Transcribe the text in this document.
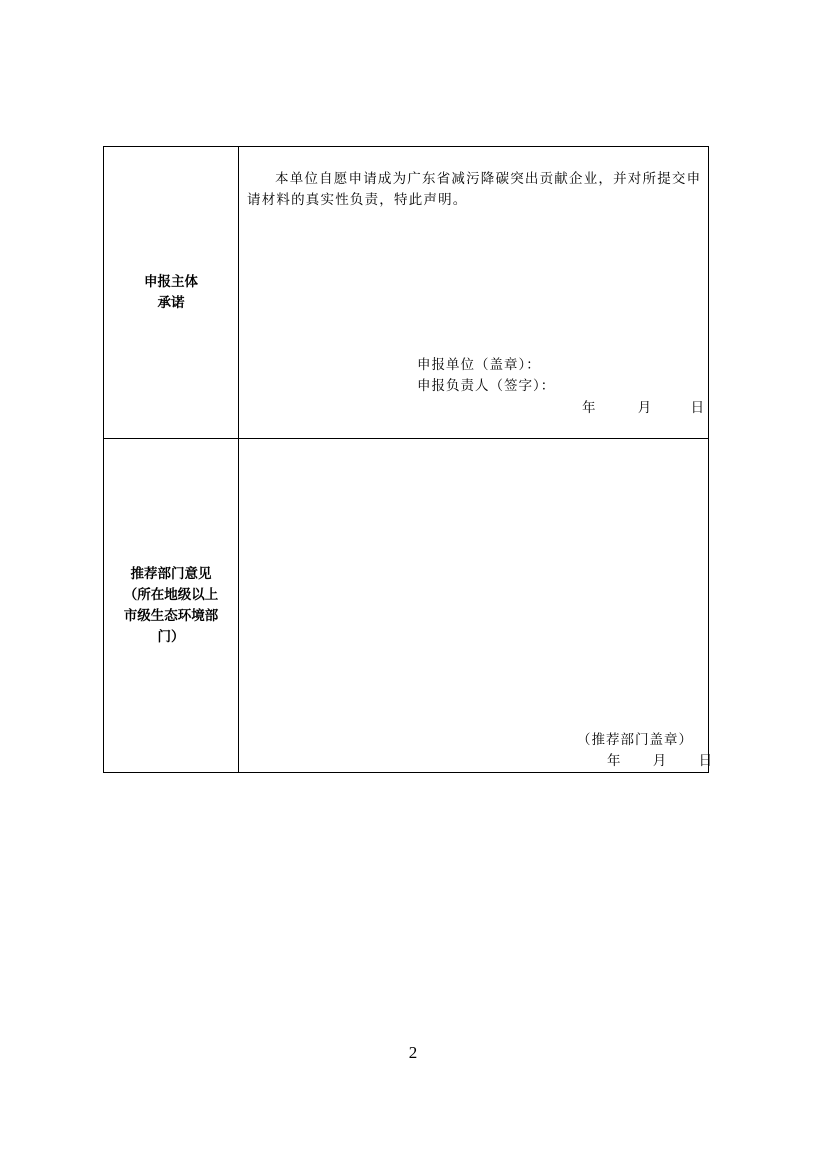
申报主体
承诺

本单位自愿申请成为广东省减污降碳突出贡献企业，并对所提交申请材料的真实性负责，特此声明。

申报单位（盖章）：
申报负责人（签字）：
年	月	日
推荐部门意见
（所在地级以上
市级生态环境部
门）
（推荐部门盖章）
年 月 日
2
